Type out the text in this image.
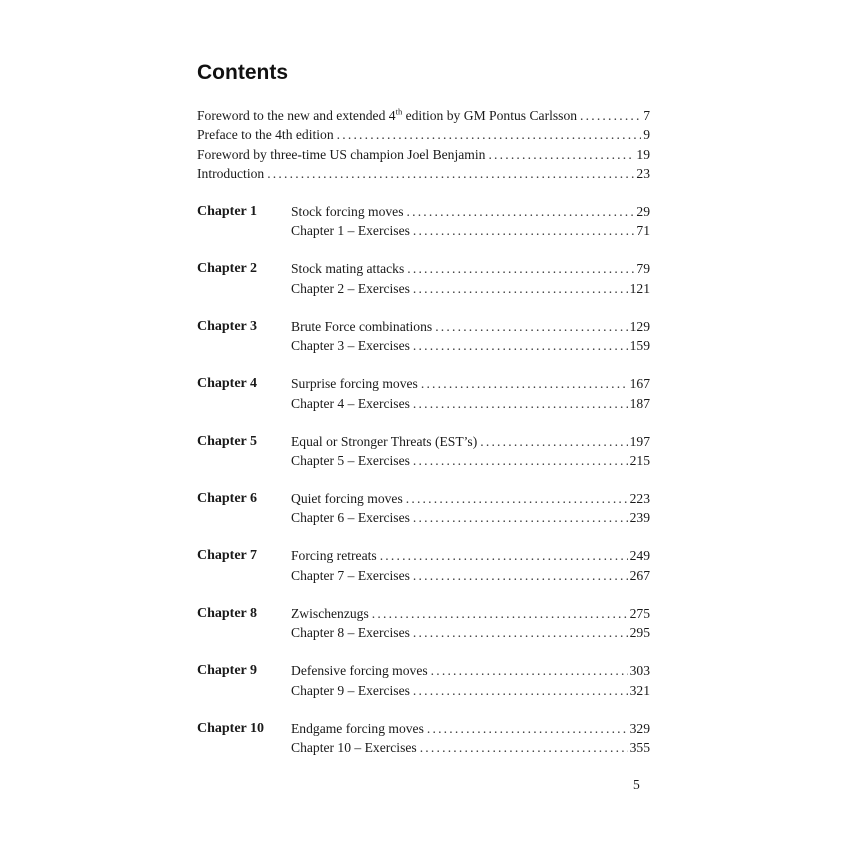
Contents
Foreword to the new and extended 4th edition by GM Pontus Carlsson . . .	7
Preface to the 4th edition . . .	9
Foreword by three-time US champion Joel Benjamin . . .	19
Introduction . . .	23
Chapter 1 Stock forcing moves . . .	29
Chapter 1 – Exercises . . .	71
Chapter 2 Stock mating attacks . . .	79
Chapter 2 – Exercises . . .	121
Chapter 3 Brute Force combinations . . .	129
Chapter 3 – Exercises . . .	159
Chapter 4 Surprise forcing moves . . .	167
Chapter 4 – Exercises . . .	187
Chapter 5 Equal or Stronger Threats (EST’s) . . .	197
Chapter 5 – Exercises . . .	215
Chapter 6 Quiet forcing moves . . .	223
Chapter 6 – Exercises . . .	239
Chapter 7 Forcing retreats . . .	249
Chapter 7 – Exercises . . .	267
Chapter 8 Zwischenzugs . . .	275
Chapter 8 – Exercises . . .	295
Chapter 9 Defensive forcing moves . . .	303
Chapter 9 – Exercises . . .	321
Chapter 10 Endgame forcing moves . . .	329
Chapter 10 – Exercises . . .	355
5
